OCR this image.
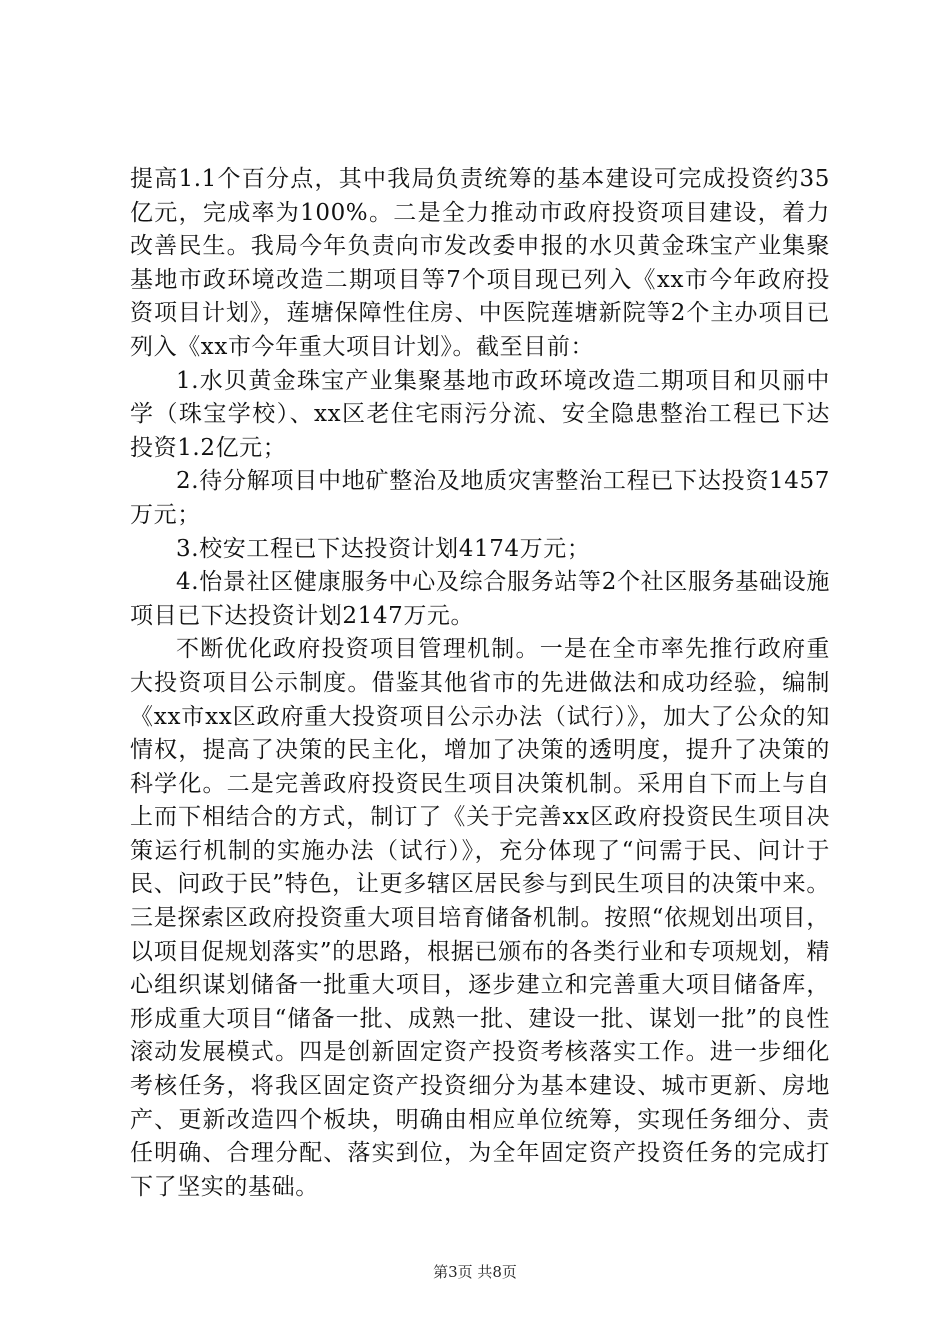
提高1.1个百分点，其中我局负责统筹的基本建设可完成投资约35亿元，完成率为100%。二是全力推动市政府投资项目建设，着力改善民生。我局今年负责向市发改委申报的水贝黄金珠宝产业集聚基地市政环境改造二期项目等7个项目现已列入《xx市今年政府投资项目计划》，莲塘保障性住房、中医院莲塘新院等2个主办项目已列入《xx市今年重大项目计划》。截至目前：

1.水贝黄金珠宝产业集聚基地市政环境改造二期项目和贝丽中学（珠宝学校）、xx区老住宅雨污分流、安全隐患整治工程已下达投资1.2亿元；

2.待分解项目中地矿整治及地质灾害整治工程已下达投资1457万元；

3.校安工程已下达投资计划4174万元；

4.怡景社区健康服务中心及综合服务站等2个社区服务基础设施项目已下达投资计划2147万元。

不断优化政府投资项目管理机制。一是在全市率先推行政府重大投资项目公示制度。借鉴其他省市的先进做法和成功经验，编制《xx市xx区政府重大投资项目公示办法（试行）》，加大了公众的知情权，提高了决策的民主化，增加了决策的透明度，提升了决策的科学化。二是完善政府投资民生项目决策机制。采用自下而上与自上而下相结合的方式，制订了《关于完善xx区政府投资民生项目决策运行机制的实施办法（试行）》，充分体现了“问需于民、问计于民、问政于民”特色，让更多辖区居民参与到民生项目的决策中来。三是探索区政府投资重大项目培育储备机制。按照“依规划出项目，以项目促规划落实”的思路，根据已颁布的各类行业和专项规划，精心组织谋划储备一批重大项目，逐步建立和完善重大项目储备库，形成重大项目“储备一批、成熟一批、建设一批、谋划一批”的良性滚动发展模式。四是创新固定资产投资考核落实工作。进一步细化考核任务，将我区固定资产投资细分为基本建设、城市更新、房地产、更新改造四个板块，明确由相应单位统筹，实现任务细分、责任明确、合理分配、落实到位，为全年固定资产投资任务的完成打下了坚实的基础。

第3页 共8页
